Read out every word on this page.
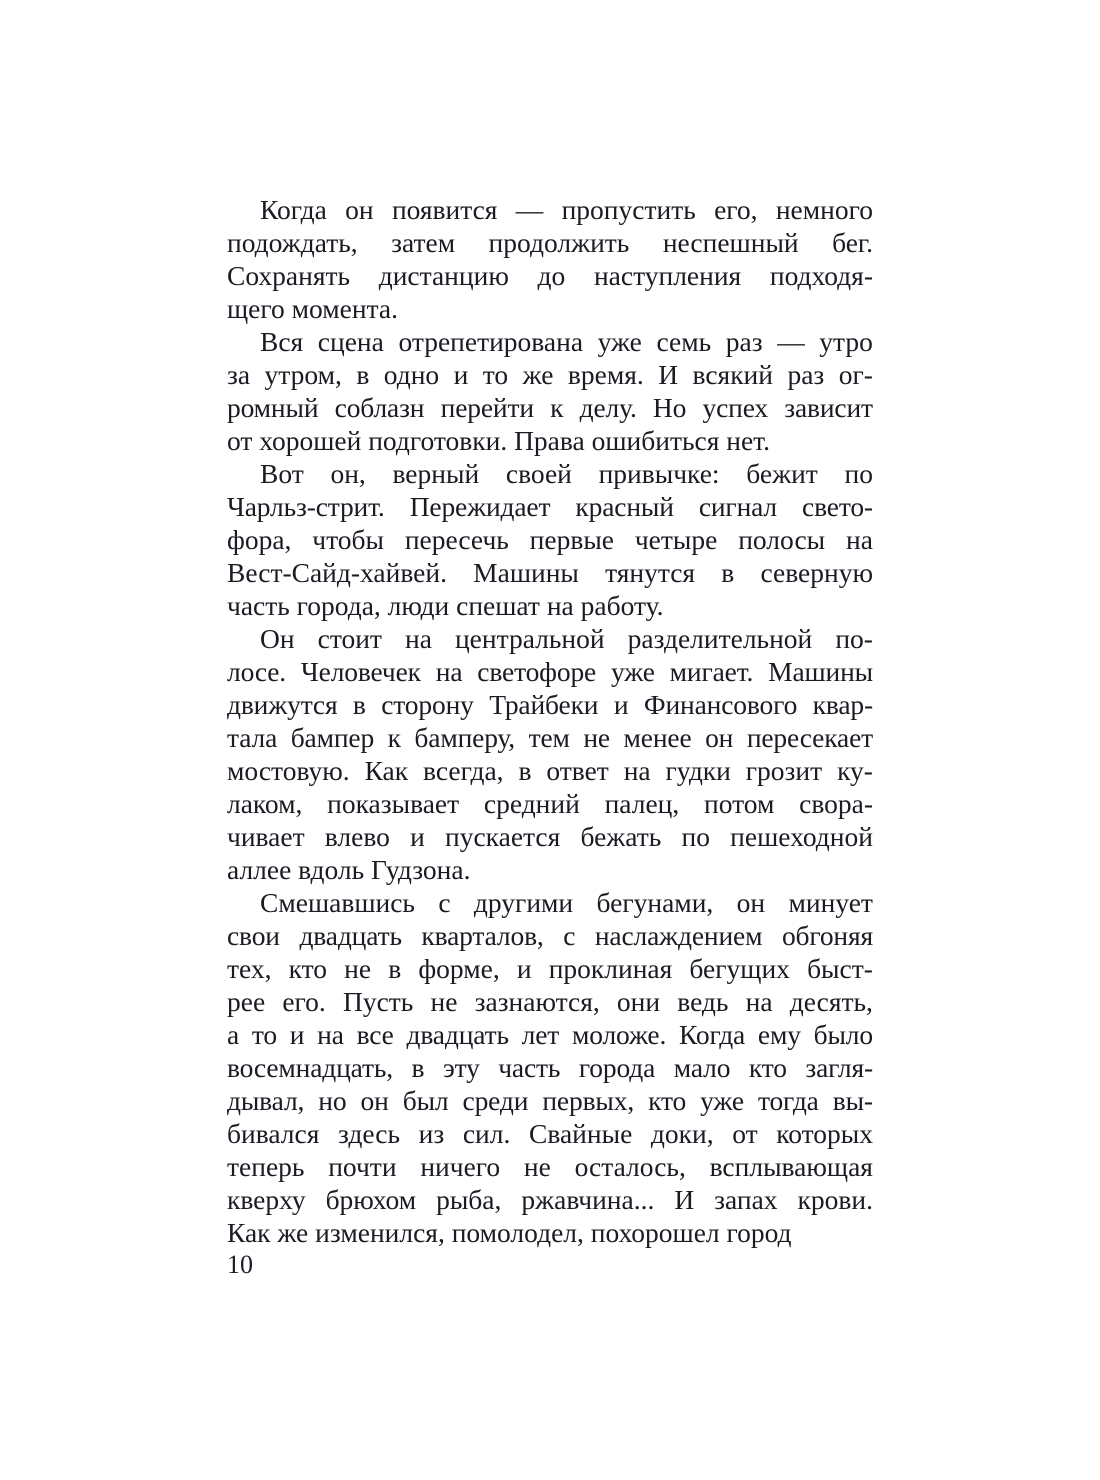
Когда он появится — пропустить его, немного
подождать, затем продолжить неспешный бег.
Сохранять дистанцию до наступления подходя-
щего момента.

Вся сцена отрепетирована уже семь раз — утро
за утром, в одно и то же время. И всякий раз ог-
ромный соблазн перейти к делу. Но успех зависит
от хорошей подготовки. Права ошибиться нет.

Вот он, верный своей привычке: бежит по
Чарльз-стрит. Пережидает красный сигнал свето-
фора, чтобы пересечь первые четыре полосы на
Вест-Сайд-хайвей. Машины тянутся в северную
часть города, люди спешат на работу.

Он стоит на центральной разделительной по-
лосе. Человечек на светофоре уже мигает. Машины
движутся в сторону Трайбеки и Финансового квар-
тала бампер к бамперу, тем не менее он пересекает
мостовую. Как всегда, в ответ на гудки грозит ку-
лаком, показывает средний палец, потом свора-
чивает влево и пускается бежать по пешеходной
аллее вдоль Гудзона.

Смешавшись с другими бегунами, он минует
свои двадцать кварталов, с наслаждением обгоняя
тех, кто не в форме, и проклиная бегущих быст-
рее его. Пусть не зазнаются, они ведь на десять,
а то и на все двадцать лет моложе. Когда ему было
восемнадцать, в эту часть города мало кто загля-
дывал, но он был среди первых, кто уже тогда вы-
бивался здесь из сил. Свайные доки, от которых
теперь почти ничего не осталось, всплывающая
кверху брюхом рыба, ржавчина... И запах крови.
Как же изменился, помолодел, похорошел город

10
